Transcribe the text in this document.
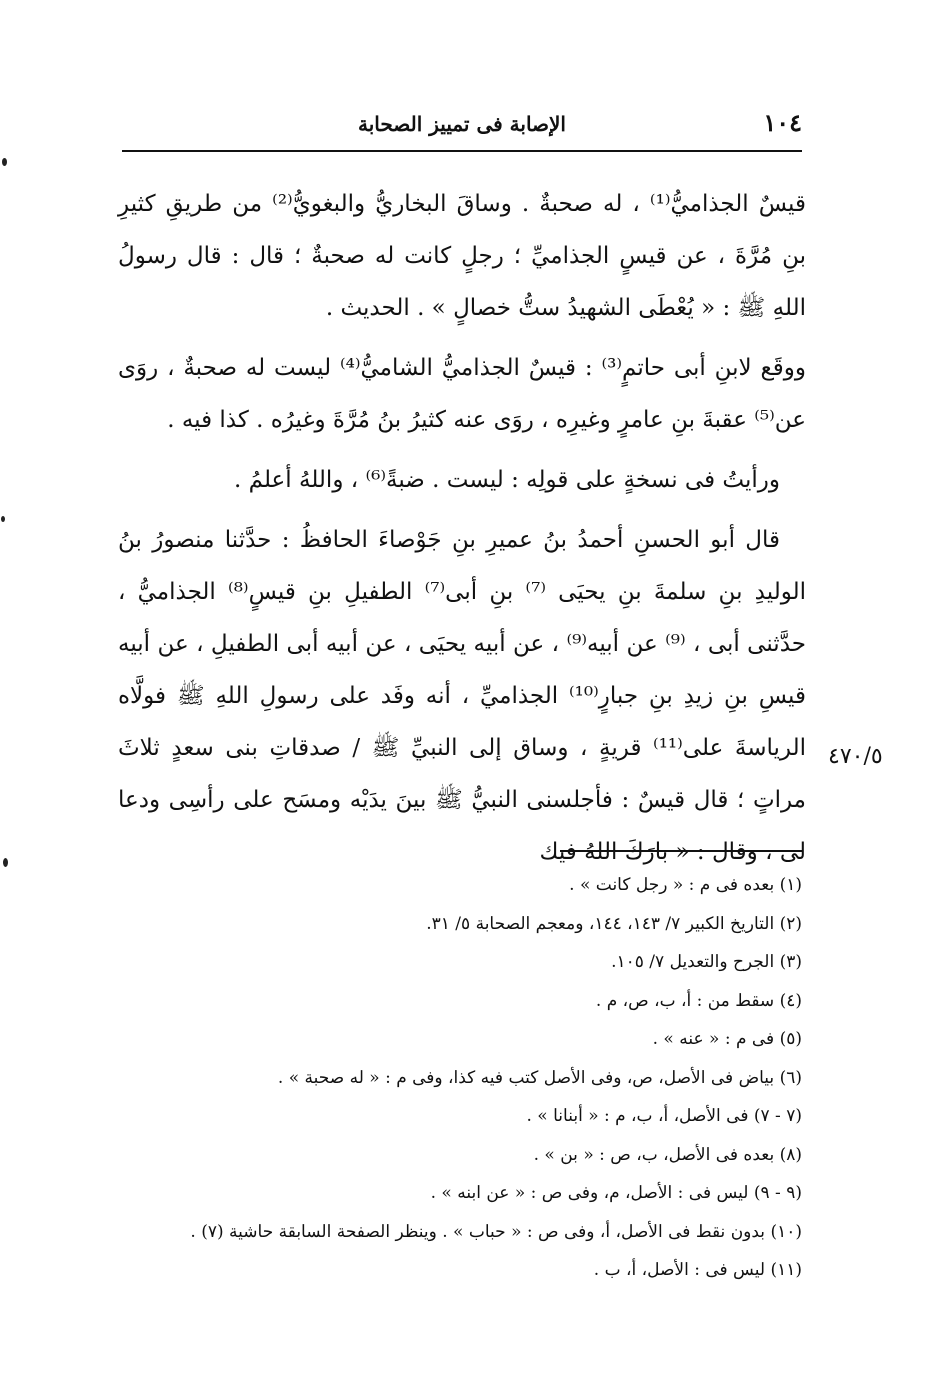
١٠٤
الإصابة فى تمييز الصحابة

قيسٌ الجذاميُّ⁽¹⁾ ، له صحبةٌ . وساقَ البخاريُّ والبغويُّ⁽²⁾ من طريقِ كثيرِ بنِ مُرَّةَ ، عن قيسٍ الجذاميِّ ؛ رجلٍ كانت له صحبةٌ ؛ قال : قال رسولُ اللهِ ﷺ : « يُعْطَى الشهيدُ ستُّ خصالٍ » . الحديث .

ووقَع لابنِ أبى حاتمٍ⁽³⁾ : قيسٌ الجذاميُّ الشاميُّ⁽⁴⁾ ليست له صحبةٌ ، روَى عن⁽⁵⁾ عقبةَ بنِ عامرٍ وغيرِه ، روَى عنه كثيرُ بنُ مُرَّةَ وغيرُه . كذا فيه .

ورأيتُ فى نسخةٍ على قولِه : ليست . ضبةً⁽⁶⁾ ، واللهُ أعلمُ .

قال أبو الحسنِ أحمدُ بنُ عميرِ بنِ جَوْصاءَ الحافظُ : حدَّثنا منصورُ بنُ الوليدِ بنِ سلمةَ بنِ يحيَى ⁽⁷⁾ بنِ أبى⁽⁷⁾ الطفيلِ بنِ قيسٍ⁽⁸⁾ الجذاميُّ ، حدَّثنى أبى ، ⁽⁹⁾ عن أبيه⁽⁹⁾ ، عن أبيه يحيَى ، عن أبيه أبى الطفيلِ ، عن أبيه قيسِ بنِ زيدِ بنِ جبارٍ⁽¹⁰⁾ الجذاميِّ ، أنه وفَد على رسولِ اللهِ ﷺ فولَّاه الرياسةَ على⁽¹¹⁾ قريةٍ ، وساق إلى النبيِّ ﷺ / صدقاتِ بنى سعدٍ ثلاثَ مراتٍ ؛ قال قيسٌ : فأجلسنى النبيُّ ﷺ بينَ يدَيْه ومسَح على رأسِى ودعا لى ، وقال : « بارَكَ اللهُ فيك

٤٧٠/٥

(١) بعده فى م : « رجل كانت » .

(٢) التاريخ الكبير ٧/ ١٤٣، ١٤٤، ومعجم الصحابة ٥/ ٣١.

(٣) الجرح والتعديل ٧/ ١٠٥.

(٤) سقط من : أ، ب، ص، م .

(٥) فى م : « عنه » .

(٦) بياض فى الأصل، ص، وفى الأصل كتب فيه كذا، وفى م : « له صحبة » .

(٧ - ٧) فى الأصل، أ، ب، م : « أبنانا » .

(٨) بعده فى الأصل، ب، ص : « بن » .

(٩ - ٩) ليس فى : الأصل، م، وفى ص : « عن ابنه » .

(١٠) بدون نقط فى الأصل، أ، وفى ص : « حباب » . وينظر الصفحة السابقة حاشية (٧) .

(١١) ليس فى : الأصل، أ، ب .
